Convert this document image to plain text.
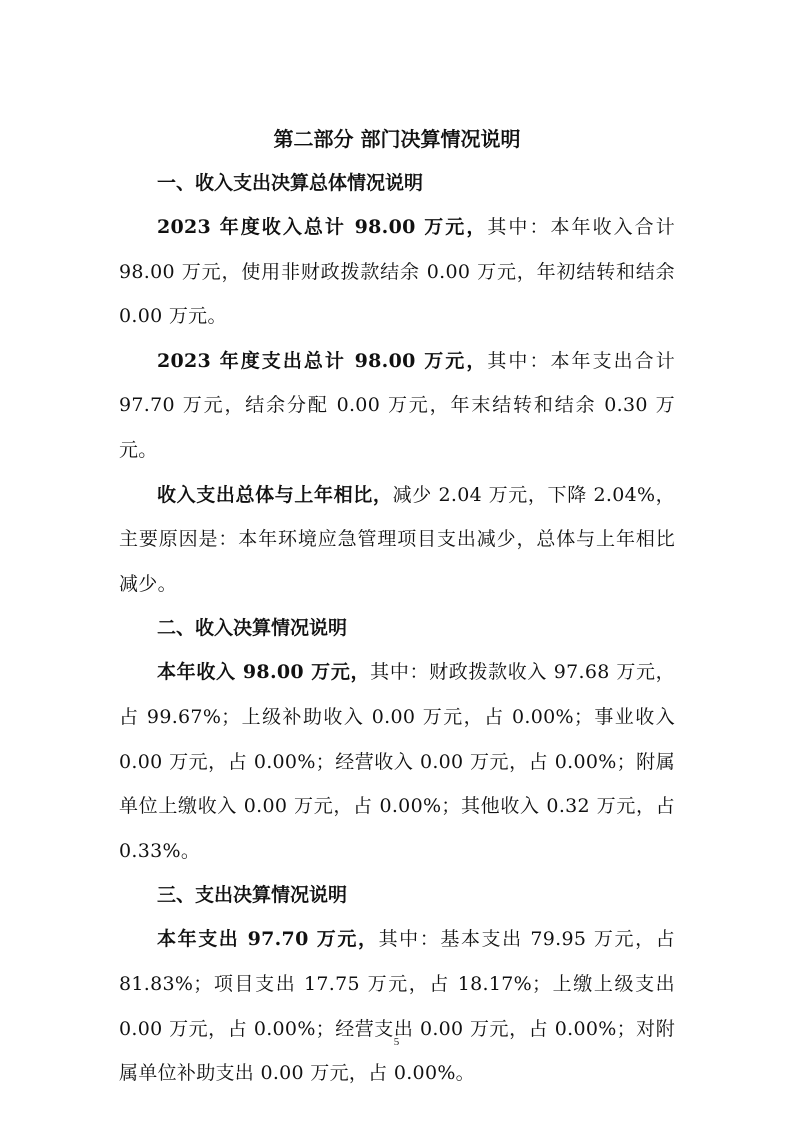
第二部分 部门决算情况说明
一、收入支出决算总体情况说明

2023 年度收入总计 98.00 万元，其中：本年收入合计 98.00 万元，使用非财政拨款结余 0.00 万元，年初结转和结余 0.00 万元。

2023 年度支出总计 98.00 万元，其中：本年支出合计 97.70 万元，结余分配 0.00 万元，年末结转和结余 0.30 万元。

收入支出总体与上年相比，减少 2.04 万元，下降 2.04%，主要原因是：本年环境应急管理项目支出减少，总体与上年相比减少。

二、收入决算情况说明

本年收入 98.00 万元，其中：财政拨款收入 97.68 万元，占 99.67%；上级补助收入 0.00 万元，占 0.00%；事业收入 0.00 万元，占 0.00%；经营收入 0.00 万元，占 0.00%；附属单位上缴收入 0.00 万元，占 0.00%；其他收入 0.32 万元，占 0.33%。

三、支出决算情况说明

本年支出 97.70 万元，其中：基本支出 79.95 万元，占 81.83%；项目支出 17.75 万元，占 18.17%；上缴上级支出 0.00 万元，占 0.00%；经营支出 0.00 万元，占 0.00%；对附属单位补助支出 0.00 万元，占 0.00%。

5
